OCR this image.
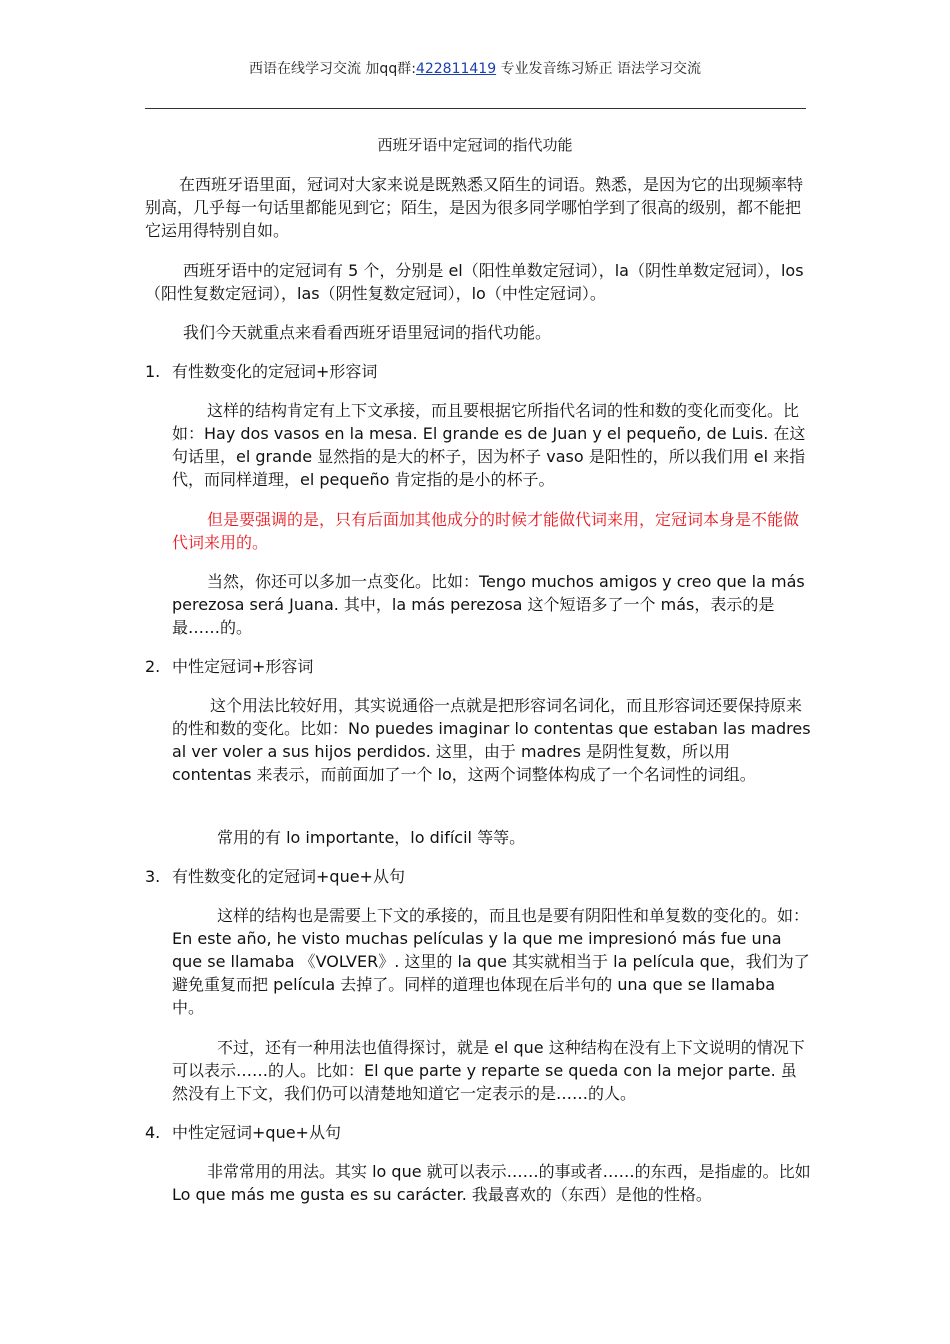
西语在线学习交流 加qq群:422811419 专业发音练习矫正 语法学习交流
西班牙语中定冠词的指代功能
在西班牙语里面，冠词对大家来说是既熟悉又陌生的词语。熟悉，是因为它的出现频率特别高，几乎每一句话里都能见到它；陌生，是因为很多同学哪怕学到了很高的级别，都不能把它运用得特别自如。
西班牙语中的定冠词有 5 个，分别是 el（阳性单数定冠词），la（阴性单数定冠词），los（阳性复数定冠词），las（阴性复数定冠词），lo（中性定冠词）。
我们今天就重点来看看西班牙语里冠词的指代功能。
1. 有性数变化的定冠词+形容词
这样的结构肯定有上下文承接，而且要根据它所指代名词的性和数的变化而变化。比如：Hay dos vasos en la mesa. El grande es de Juan y el pequeño, de Luis. 在这句话里，el grande 显然指的是大的杯子，因为杯子 vaso 是阳性的，所以我们用 el 来指代，而同样道理，el pequeño 肯定指的是小的杯子。
但是要强调的是，只有后面加其他成分的时候才能做代词来用，定冠词本身是不能做代词来用的。
当然，你还可以多加一点变化。比如：Tengo muchos amigos y creo que la más perezosa será Juana. 其中，la más perezosa 这个短语多了一个 más，表示的是最……的。
2. 中性定冠词+形容词
这个用法比较好用，其实说通俗一点就是把形容词名词化，而且形容词还要保持原来的性和数的变化。比如：No puedes imaginar lo contentas que estaban las madres al ver voler a sus hijos perdidos. 这里，由于 madres 是阴性复数，所以用 contentas 来表示，而前面加了一个 lo，这两个词整体构成了一个名词性的词组。
常用的有 lo importante，lo difícil 等等。
3. 有性数变化的定冠词+que+从句
这样的结构也是需要上下文的承接的，而且也是要有阴阳性和单复数的变化的。如：En este año, he visto muchas películas y la que me impresionó más fue una que se llamaba 《VOLVER》. 这里的 la que 其实就相当于 la película que，我们为了避免重复而把 película 去掉了。同样的道理也体现在后半句的 una que se llamaba 中。
不过，还有一种用法也值得探讨，就是 el que 这种结构在没有上下文说明的情况下可以表示……的人。比如：El que parte y reparte se queda con la mejor parte. 虽然没有上下文，我们仍可以清楚地知道它一定表示的是……的人。
4. 中性定冠词+que+从句
非常常用的用法。其实 lo que 就可以表示……的事或者……的东西，是指虚的。比如 Lo que más me gusta es su carácter. 我最喜欢的（东西）是他的性格。
